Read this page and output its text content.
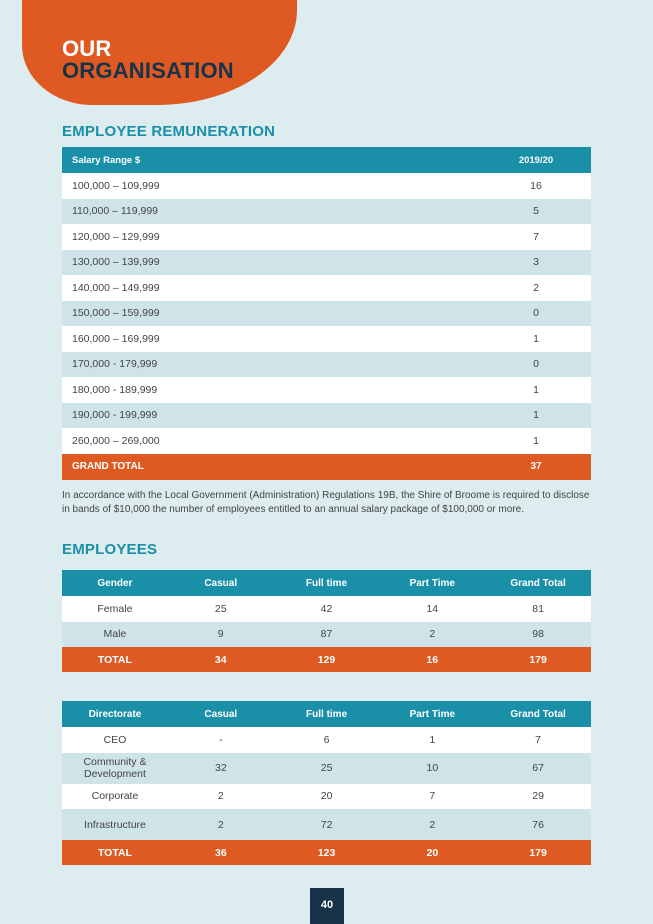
OUR
ORGANISATION
EMPLOYEE REMUNERATION
Salary Range $	2019/20
100,000 – 109,999	16
110,000 – 119,999	5
120,000 – 129,999	7
130,000 – 139,999	3
140,000 – 149,999	2
150,000 – 159,999	0
160,000 – 169,999	1
170,000 - 179,999	0
180,000 - 189,999	1
190,000 - 199,999	1
260,000 – 269,000	1
GRAND TOTAL	37
In accordance with the Local Government (Administration) Regulations 19B, the Shire of Broome is required to disclose in bands of $10,000 the number of employees entitled to an annual salary package of $100,000 or more.
EMPLOYEES
Gender	Casual	Full time	Part Time	Grand Total
Female	25	42	14	81
Male	9	87	2	98
TOTAL	34	129	16	179
Directorate	Casual	Full time	Part Time	Grand Total
CEO	-	6	1	7
Community & Development	32	25	10	67
Corporate	2	20	7	29
Infrastructure	2	72	2	76
TOTAL	36	123	20	179
40
